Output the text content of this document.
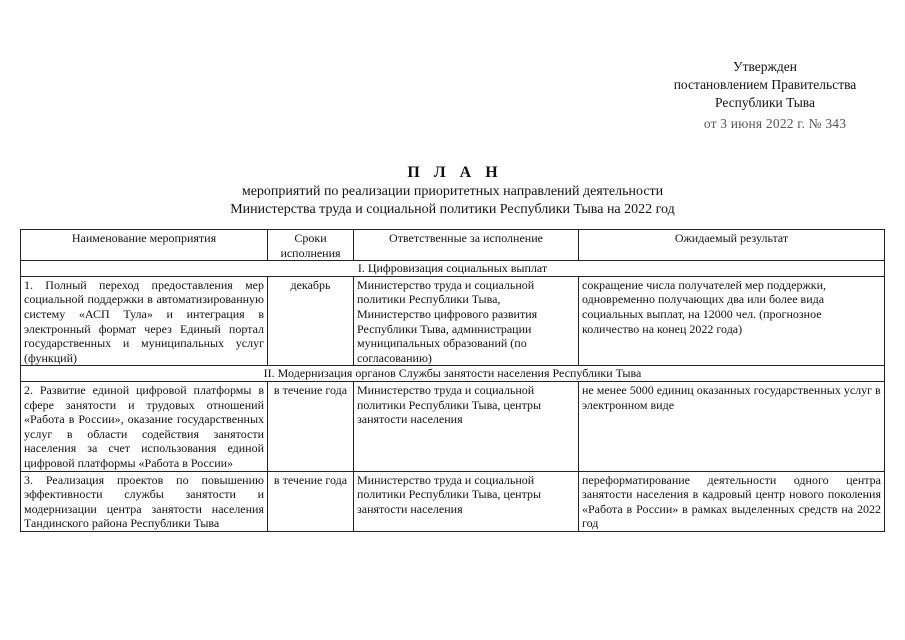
Утвержден
постановлением Правительства
Республики Тыва
от 3 июня 2022 г. № 343
П Л А Н
мероприятий по реализации приоритетных направлений деятельности
Министерства труда и социальной политики Республики Тыва на 2022 год
Наименование мероприятия	Сроки исполнения	Ответственные за исполнение	Ожидаемый результат
I. Цифровизация социальных выплат			
1. Полный переход предоставления мер социальной поддержки в автоматизированную систему «АСП Тула» и интеграция в электронный формат через Единый портал государственных и муниципальных услуг (функций)	декабрь	Министерство труда и социальной политики Республики Тыва, Министерство цифрового развития Республики Тыва, администрации муниципальных образований (по согласованию)	сокращение числа получателей мер поддержки, одновременно получающих два или более вида социальных выплат, на 12000 чел. (прогнозное количество на конец 2022 года)
II. Модернизация органов Службы занятости населения Республики Тыва			
2. Развитие единой цифровой платформы в сфере занятости и трудовых отношений «Работа в России», оказание государственных услуг в области содействия занятости населения за счет использования единой цифровой платформы «Работа в России»	в течение года	Министерство труда и социальной политики Республики Тыва, центры занятости населения	не менее 5000 единиц оказанных государственных услуг в электронном виде
3. Реализация проектов по повышению эффективности службы занятости и модернизации центра занятости населения Тандинского района Республики Тыва	в течение года	Министерство труда и социальной политики Республики Тыва, центры занятости населения	переформатирование деятельности одного центра занятости населения в кадровый центр нового поколения «Работа в России» в рамках выделенных средств на 2022 год
